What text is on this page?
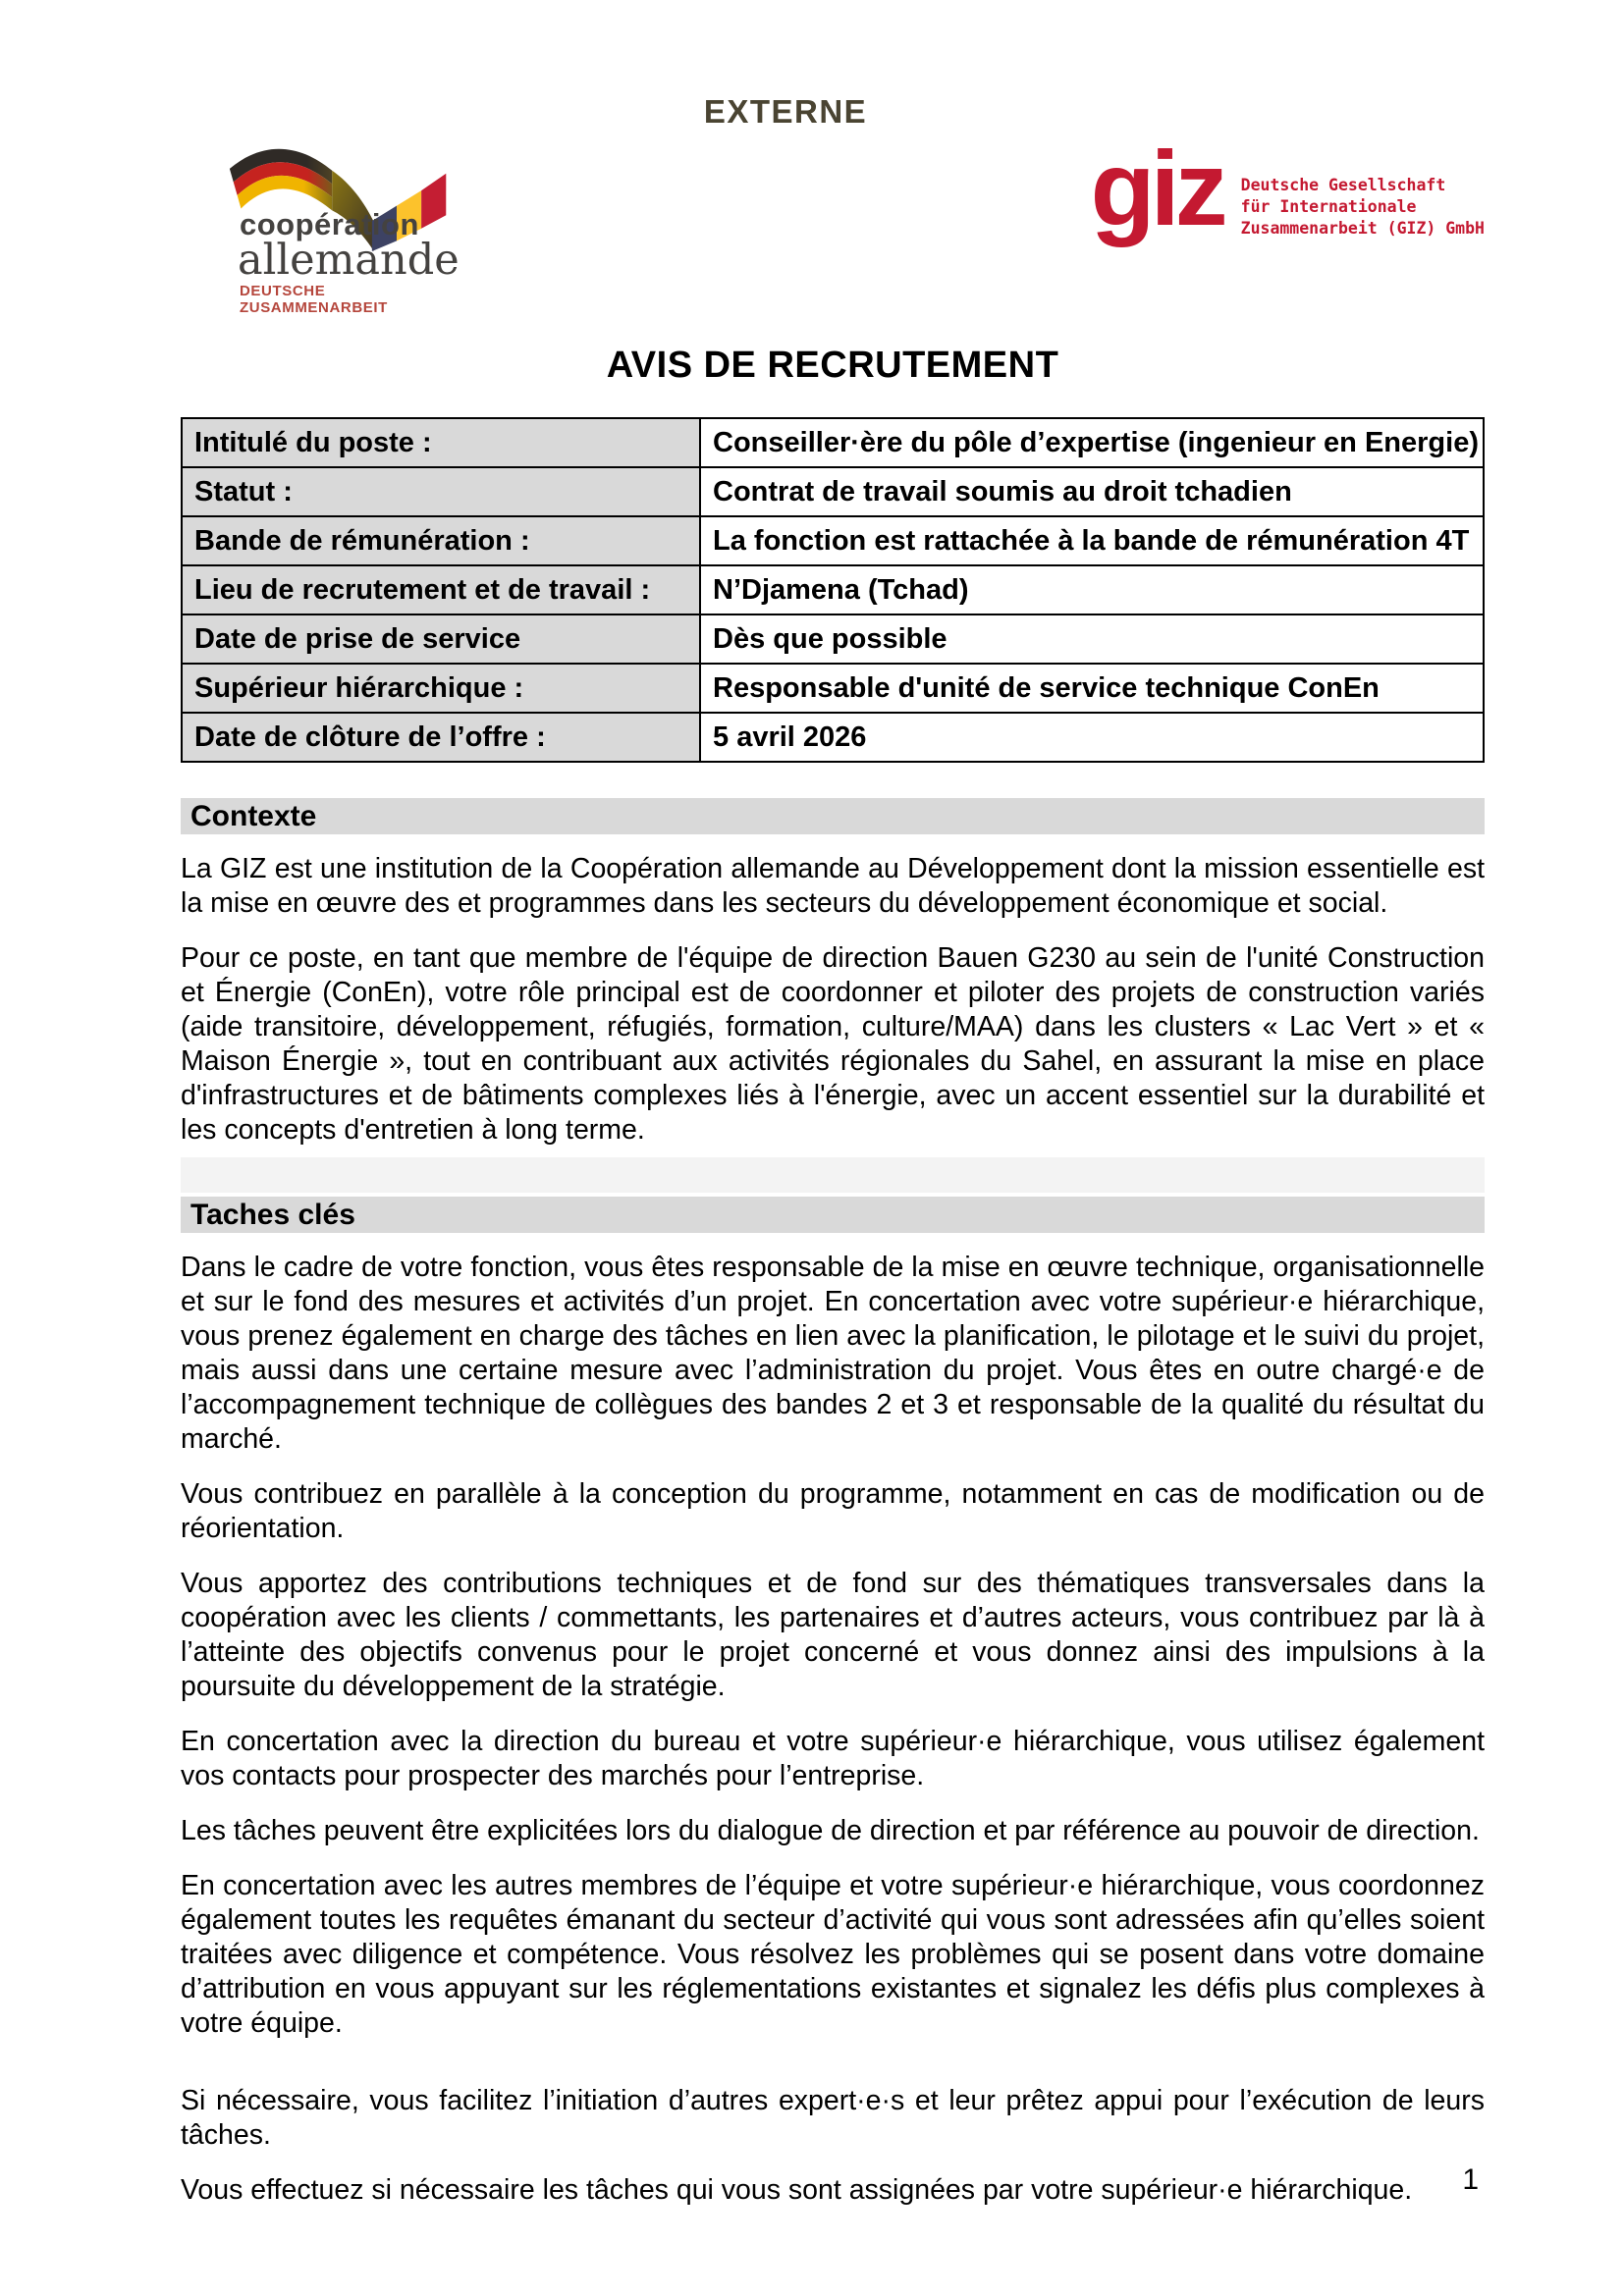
EXTERNE
coopération
allemande
DEUTSCHE ZUSAMMENARBEIT
giz Deutsche Gesellschaft
für Internationale
Zusammenarbeit (GIZ) GmbH
AVIS DE RECRUTEMENT
Intitulé du poste :	Conseiller·ère du pôle d’expertise (ingenieur en Energie)
Statut :	Contrat de travail soumis au droit tchadien
Bande de rémunération :	La fonction est rattachée à la bande de rémunération 4T
Lieu de recrutement et de travail :	N’Djamena (Tchad)
Date de prise de service	Dès que possible
Supérieur hiérarchique :	Responsable d'unité de service technique ConEn
Date de clôture de l’offre :	5 avril 2026
Contexte

La GIZ est une institution de la Coopération allemande au Développement dont la mission essentielle est la mise en œuvre des et programmes dans les secteurs du développement économique et social.

Pour ce poste, en tant que membre de l'équipe de direction Bauen G230 au sein de l'unité Construction et Énergie (ConEn), votre rôle principal est de coordonner et piloter des projets de construction variés (aide transitoire, développement, réfugiés, formation, culture/MAA) dans les clusters « Lac Vert » et « Maison Énergie », tout en contribuant aux activités régionales du Sahel, en assurant la mise en place d'infrastructures et de bâtiments complexes liés à l'énergie, avec un accent essentiel sur la durabilité et les concepts d'entretien à long terme.

Taches clés

Dans le cadre de votre fonction, vous êtes responsable de la mise en œuvre technique, organisationnelle et sur le fond des mesures et activités d’un projet. En concertation avec votre supérieur·e hiérarchique, vous prenez également en charge des tâches en lien avec la planification, le pilotage et le suivi du projet, mais aussi dans une certaine mesure avec l’administration du projet. Vous êtes en outre chargé·e de l’accompagnement technique de collègues des bandes 2 et 3 et responsable de la qualité du résultat du marché.

Vous contribuez en parallèle à la conception du programme, notamment en cas de modification ou de réorientation.

Vous apportez des contributions techniques et de fond sur des thématiques transversales dans la coopération avec les clients / commettants, les partenaires et d’autres acteurs, vous contribuez par là à l’atteinte des objectifs convenus pour le projet concerné et vous donnez ainsi des impulsions à la poursuite du développement de la stratégie.

En concertation avec la direction du bureau et votre supérieur·e hiérarchique, vous utilisez également vos contacts pour prospecter des marchés pour l’entreprise.

Les tâches peuvent être explicitées lors du dialogue de direction et par référence au pouvoir de direction.

En concertation avec les autres membres de l’équipe et votre supérieur·e hiérarchique, vous coordonnez également toutes les requêtes émanant du secteur d’activité qui vous sont adressées afin qu’elles soient traitées avec diligence et compétence. Vous résolvez les problèmes qui se posent dans votre domaine d’attribution en vous appuyant sur les réglementations existantes et signalez les défis plus complexes à votre équipe.

Si nécessaire, vous facilitez l’initiation d’autres expert·e·s et leur prêtez appui pour l’exécution de leurs tâches.

Vous effectuez si nécessaire les tâches qui vous sont assignées par votre supérieur·e hiérarchique.	1
